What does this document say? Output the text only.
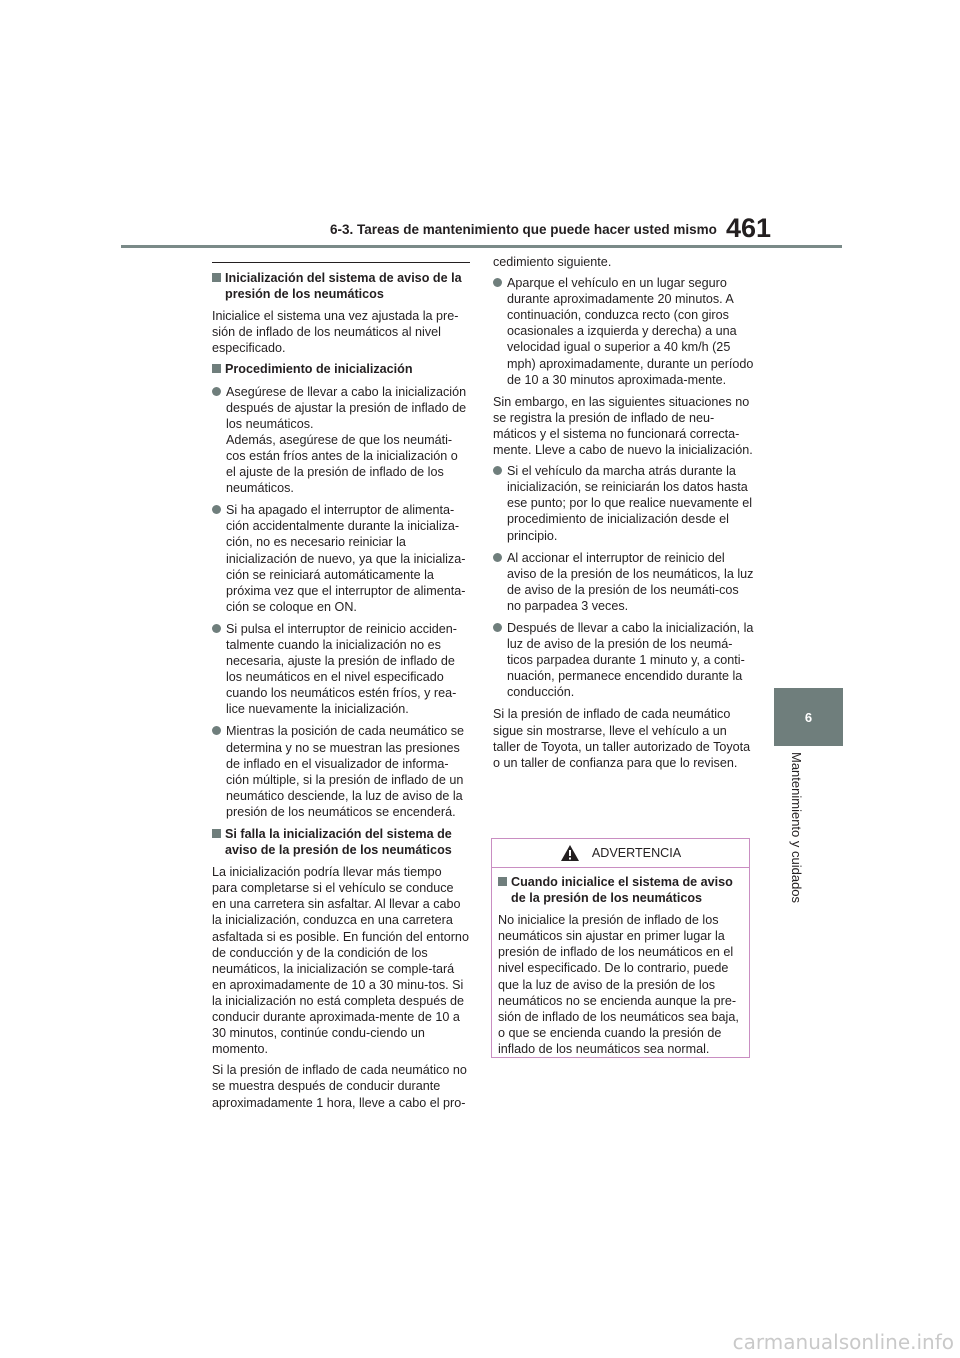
6-3. Tareas de mantenimiento que puede hacer usted mismo 461
6
Mantenimiento y cuidados
Inicialización del sistema de aviso de la presión de los neumáticos

Inicialice el sistema una vez ajustada la pre-sión de inflado de los neumáticos al nivel especificado.

Procedimiento de inicialización
Asegúrese de llevar a cabo la inicialización después de ajustar la presión de inflado de los neumáticos.
Además, asegúrese de que los neumáti-cos están fríos antes de la inicialización o el ajuste de la presión de inflado de los neumáticos.
Si ha apagado el interruptor de alimenta-ción accidentalmente durante la inicializa-ción, no es necesario reiniciar la inicialización de nuevo, ya que la inicializa-ción se reiniciará automáticamente la próxima vez que el interruptor de alimenta-ción se coloque en ON.
Si pulsa el interruptor de reinicio acciden-talmente cuando la inicialización no es necesaria, ajuste la presión de inflado de los neumáticos en el nivel especificado cuando los neumáticos estén fríos, y rea-lice nuevamente la inicialización.
Mientras la posición de cada neumático se determina y no se muestran las presiones de inflado en el visualizador de informa-ción múltiple, si la presión de inflado de un neumático desciende, la luz de aviso de la presión de los neumáticos se encenderá.
Si falla la inicialización del sistema de aviso de la presión de los neumáticos

La inicialización podría llevar más tiempo para completarse si el vehículo se conduce en una carretera sin asfaltar. Al llevar a cabo la inicialización, conduzca en una carretera asfaltada si es posible. En función del entorno de conducción y de la condición de los neumáticos, la inicialización se comple-tará en aproximadamente de 10 a 30 minu-tos. Si la inicialización no está completa después de conducir durante aproximada-mente de 10 a 30 minutos, continúe condu-ciendo un momento.

Si la presión de inflado de cada neumático no se muestra después de conducir durante aproximadamente 1 hora, lleve a cabo el pro-

cedimiento siguiente.

Aparque el vehículo en un lugar seguro durante aproximadamente 20 minutos. A continuación, conduzca recto (con giros ocasionales a izquierda y derecha) a una velocidad igual o superior a 40 km/h (25 mph) aproximadamente, durante un período de 10 a 30 minutos aproximada-mente.

Sin embargo, en las siguientes situaciones no se registra la presión de inflado de neu-máticos y el sistema no funcionará correcta-mente. Lleve a cabo de nuevo la inicialización.

Si el vehículo da marcha atrás durante la inicialización, se reiniciarán los datos hasta ese punto; por lo que realice nuevamente el procedimiento de inicialización desde el principio.
Al accionar el interruptor de reinicio del aviso de la presión de los neumáticos, la luz de aviso de la presión de los neumáti-cos no parpadea 3 veces.
Después de llevar a cabo la inicialización, la luz de aviso de la presión de los neumá-ticos parpadea durante 1 minuto y, a conti-nuación, permanece encendido durante la conducción.

Si la presión de inflado de cada neumático sigue sin mostrarse, lleve el vehículo a un taller de Toyota, un taller autorizado de Toyota o un taller de confianza para que lo revisen.

ADVERTENCIA
Cuando inicialice el sistema de aviso de la presión de los neumáticos

No inicialice la presión de inflado de los neumáticos sin ajustar en primer lugar la presión de inflado de los neumáticos en el nivel especificado. De lo contrario, puede que la luz de aviso de la presión de los neumáticos no se encienda aunque la pre-sión de inflado de los neumáticos sea baja, o que se encienda cuando la presión de inflado de los neumáticos sea normal.

carmanualsonline.info
